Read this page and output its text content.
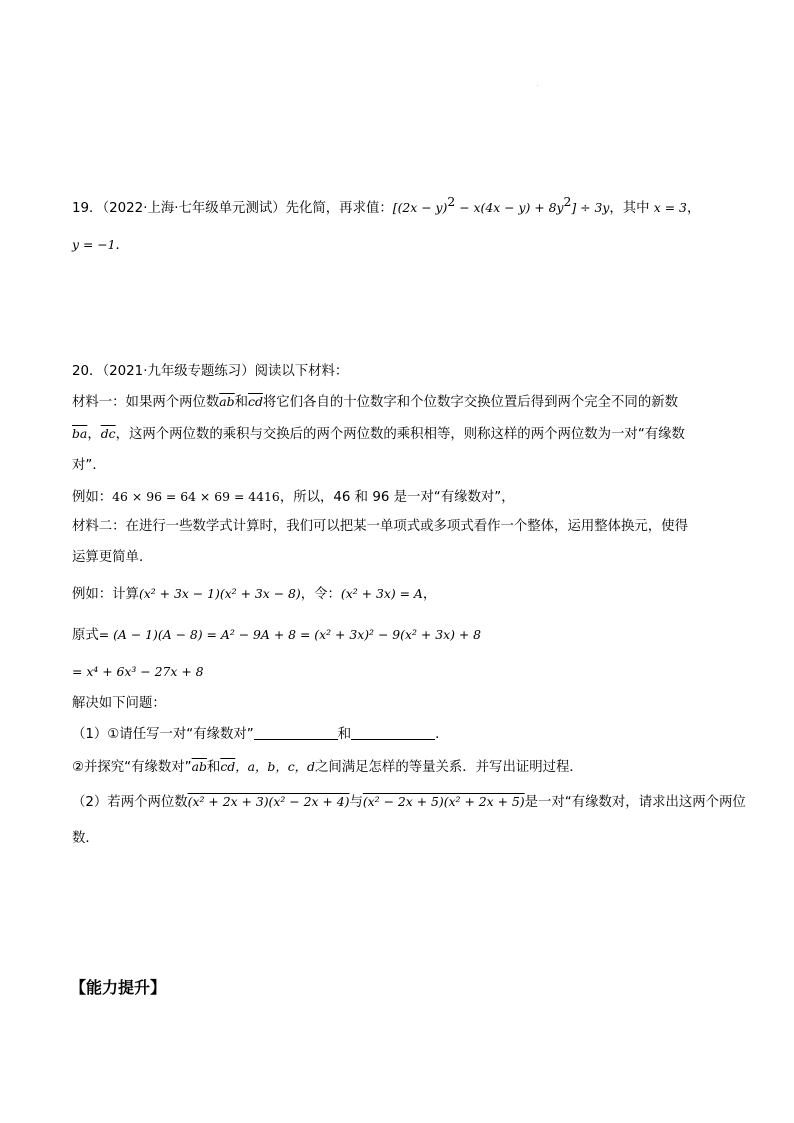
·
19．（2022·上海·七年级单元测试）先化简，再求值：$[(2x - y)^2 - x(4x - y) + 8y^2] \div 3y$，其中 x = 3，
y = −1．
20．（2021·九年级专题练习）阅读以下材料：
材料一：如果两个两位数$\overline{ab}$和$\overline{cd}$将它们各自的十位数字和个位数字交换位置后得到两个完全不同的新数
$\overline{ba}$，$\overline{dc}$，这两个两位数的乘积与交换后的两个两位数的乘积相等，则称这样的两个两位数为一对“有缘数
对”．
例如：46 × 96 = 64 × 69 = 4416，所以，46 和 96 是一对“有缘数对”，
材料二：在进行一些数学式计算时，我们可以把某一单项式或多项式看作一个整体，运用整体换元，使得
运算更简单．
例如：计算(x² + 3x − 1)(x² + 3x − 8)，令：(x² + 3x) = A，
原式= (A − 1)(A − 8) = A² − 9A + 8 = (x² + 3x)² − 9(x² + 3x) + 8
= x⁴ + 6x³ − 27x + 8
解决如下问题：
（1）①请任写一对“有缘数对”	和	．
②并探究“有缘数对$”\overline{ab}$和$\overline{cd}$，a，b，c，d之间满足怎样的等量关系．并写出证明过程．
（2）若两个两位数(x² + 2x + 3)(x² − 2x + 4)与(x² − 2x + 5)(x² + 2x + 5)是一对“有缘数对，请求出这两个两位
数．
【能力提升】
